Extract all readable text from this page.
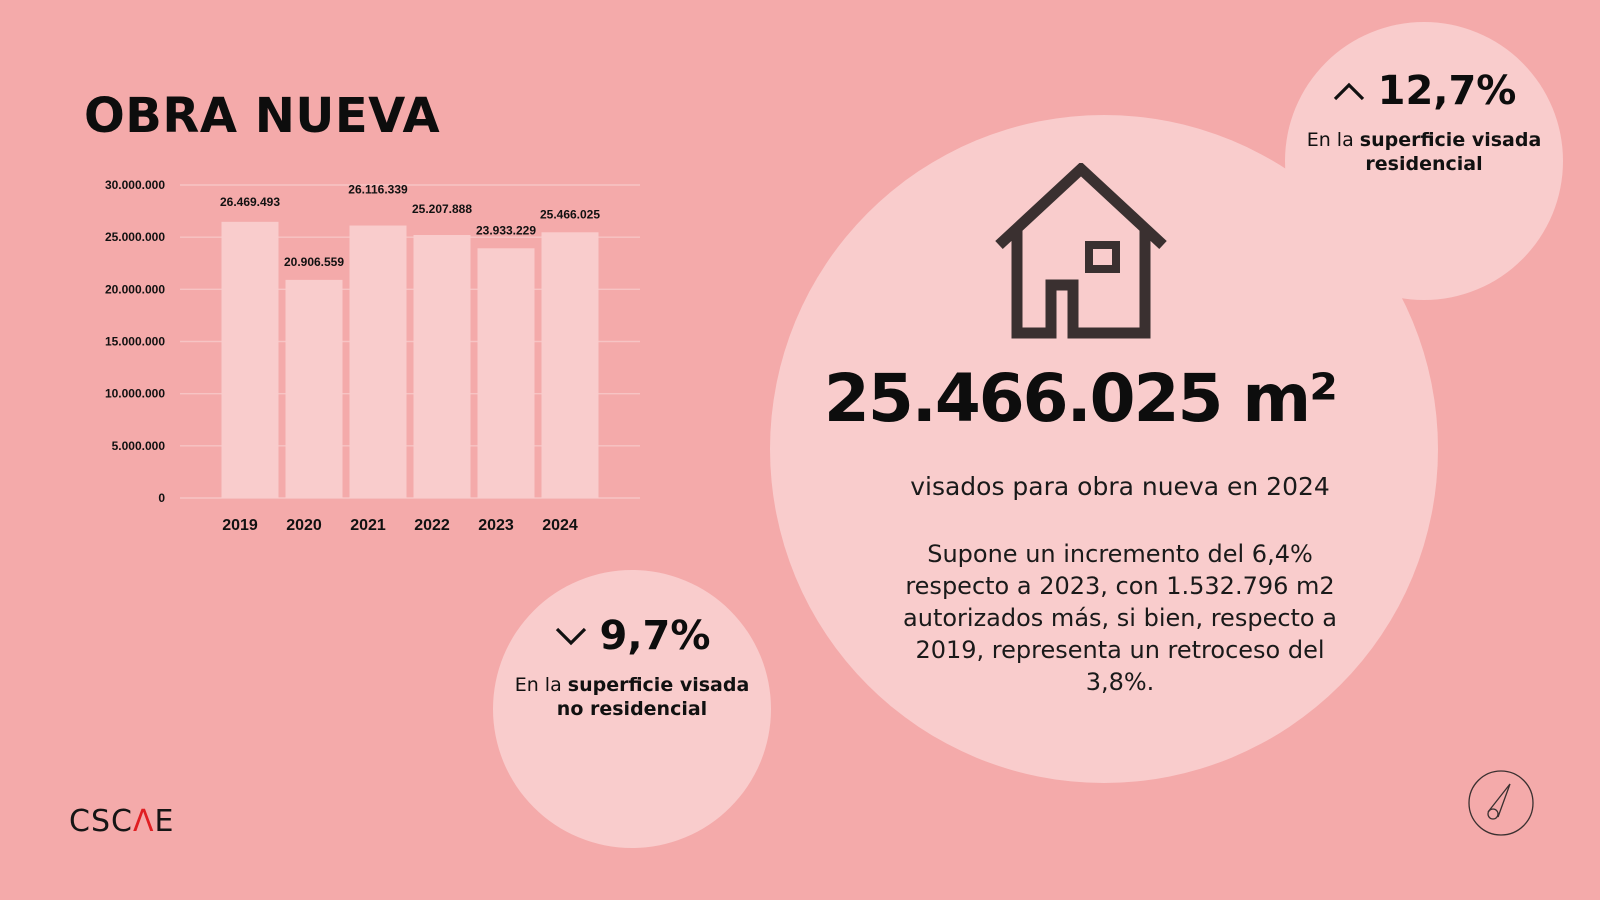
OBRA NUEVA
0
5.000.000
10.000.000
15.000.000
20.000.000
25.000.000
30.000.000
26.469.493
20.906.559
26.116.339
25.207.888
23.933.229
25.466.025
2019 2020 2021 2022 2023 2024
12,7%
En la superficie visada residencial
9,7%
En la superficie visada no residencial
25.466.025 m²
visados para obra nueva en 2024
Supone un incremento del 6,4% respecto a 2023, con 1.532.796 m2 autorizados más, si bien, respecto a 2019, representa un retroceso del 3,8%.
CSC Λ E
